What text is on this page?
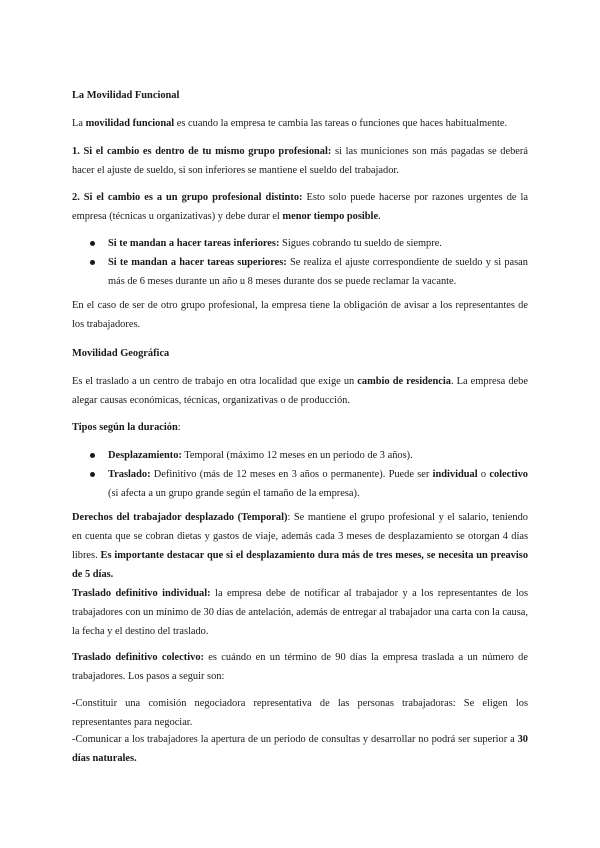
La Movilidad Funcional

La movilidad funcional es cuando la empresa te cambia las tareas o funciones que haces habitualmente.

1. Si el cambio es dentro de tu mismo grupo profesional: si las municiones son más pagadas se deberá hacer el ajuste de sueldo, si son inferiores se mantiene el sueldo del trabajador.

2. Si el cambio es a un grupo profesional distinto: Esto solo puede hacerse por razones urgentes de la empresa (técnicas u organizativas) y debe durar el menor tiempo posible.

Si te mandan a hacer tareas inferiores: Sigues cobrando tu sueldo de siempre.
Si te mandan a hacer tareas superiores: Se realiza el ajuste correspondiente de sueldo y si pasan más de 6 meses durante un año u 8 meses durante dos se puede reclamar la vacante.

En el caso de ser de otro grupo profesional, la empresa tiene la obligación de avisar a los representantes de los trabajadores.

Movilidad Geográfica

Es el traslado a un centro de trabajo en otra localidad que exige un cambio de residencia. La empresa debe alegar causas económicas, técnicas, organizativas o de producción.

Tipos según la duración:

Desplazamiento: Temporal (máximo 12 meses en un periodo de 3 años).
Traslado: Definitivo (más de 12 meses en 3 años o permanente). Puede ser individual o colectivo (si afecta a un grupo grande según el tamaño de la empresa).

Derechos del trabajador desplazado (Temporal): Se mantiene el grupo profesional y el salario, teniendo en cuenta que se cobran dietas y gastos de viaje, además cada 3 meses de desplazamiento se otorgan 4 días libres. Es importante destacar que si el desplazamiento dura más de tres meses, se necesita un preaviso de 5 días.

Traslado definitivo individual: la empresa debe de notificar al trabajador y a los representantes de los trabajadores con un mínimo de 30 días de antelación, además de entregar al trabajador una carta con la causa, la fecha y el destino del traslado.

Traslado definitivo colectivo: es cuándo en un término de 90 días la empresa traslada a un número de trabajadores. Los pasos a seguir son:

-Constituir una comisión negociadora representativa de las personas trabajadoras: Se eligen los representantes para negociar.

-Comunicar a los trabajadores la apertura de un periodo de consultas y desarrollar no podrá ser superior a 30 días naturales.
